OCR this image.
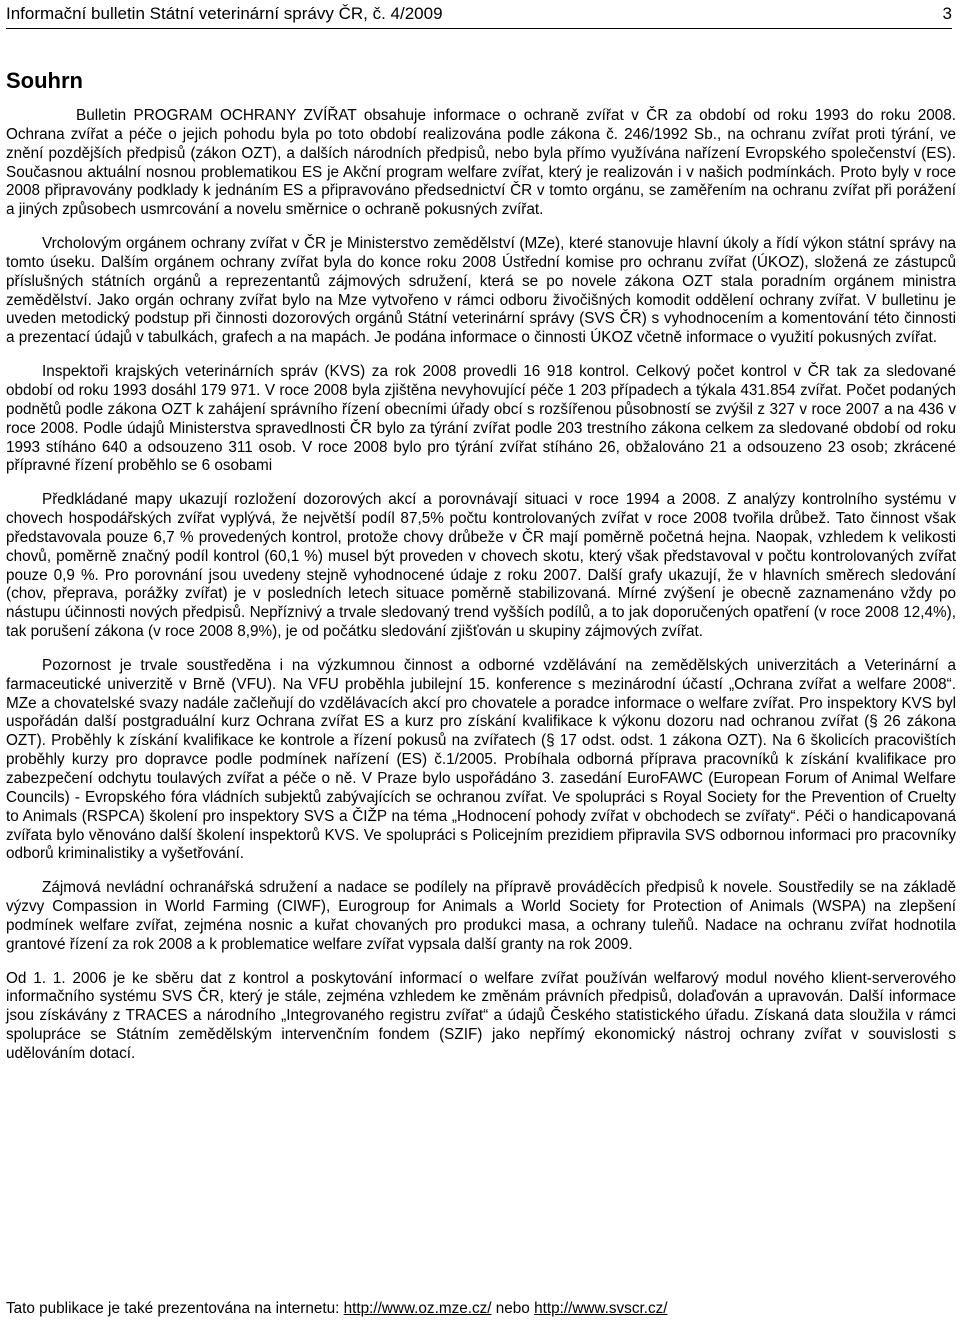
Informační bulletin Státní veterinární správy ČR, č. 4/2009	3
Souhrn

Bulletin PROGRAM OCHRANY ZVÍŘAT obsahuje informace o ochraně zvířat v ČR za období od roku 1993 do roku 2008. Ochrana zvířat a péče o jejich pohodu byla po toto období realizována podle zákona č. 246/1992 Sb., na ochranu zvířat proti týrání, ve znění pozdějších předpisů (zákon OZT), a dalších národních předpisů, nebo byla přímo využívána nařízení Evropského společenství (ES). Současnou aktuální nosnou problematikou ES je Akční program welfare zvířat, který je realizován i v našich podmínkách. Proto byly v roce 2008 připravovány podklady k jednáním ES a připravováno předsednictví ČR v tomto orgánu, se zaměřením na ochranu zvířat při porážení a jiných způsobech usmrcování a novelu směrnice o ochraně pokusných zvířat.

Vrcholovým orgánem ochrany zvířat v ČR je Ministerstvo zemědělství (MZe), které stanovuje hlavní úkoly a řídí výkon státní správy na tomto úseku. Dalším orgánem ochrany zvířat byla do konce roku 2008 Ústřední komise pro ochranu zvířat (ÚKOZ), složená ze zástupců příslušných státních orgánů a reprezentantů zájmových sdružení, která se po novele zákona OZT stala poradním orgánem ministra zemědělství. Jako orgán ochrany zvířat bylo na Mze vytvořeno v rámci odboru živočišných komodit oddělení ochrany zvířat. V bulletinu je uveden metodický podstup při činnosti dozorových orgánů Státní veterinární správy (SVS ČR) s vyhodnocením a komentování této činnosti a prezentací údajů v tabulkách, grafech a na mapách. Je podána informace o činnosti ÚKOZ včetně informace o využití pokusných zvířat.

Inspektoři krajských veterinárních správ (KVS) za rok 2008 provedli 16 918 kontrol. Celkový počet kontrol v ČR tak za sledované období od roku 1993 dosáhl 179 971. V roce 2008 byla zjištěna nevyhovující péče 1 203 případech a týkala 431.854 zvířat. Počet podaných podnětů podle zákona OZT k zahájení správního řízení obecními úřady obcí s rozšířenou působností se zvýšil z 327 v roce 2007 a na 436 v roce 2008. Podle údajů Ministerstva spravedlnosti ČR bylo za týrání zvířat podle 203 trestního zákona celkem za sledované období od roku 1993 stíháno 640 a odsouzeno 311 osob. V roce 2008 bylo pro týrání zvířat stíháno 26, obžalováno 21 a odsouzeno 23 osob; zkrácené přípravné řízení proběhlo se 6 osobami

Předkládané mapy ukazují rozložení dozorových akcí a porovnávají situaci v roce 1994 a 2008. Z analýzy kontrolního systému v chovech hospodářských zvířat vyplývá, že největší podíl 87,5% počtu kontrolovaných zvířat v roce 2008 tvořila drůbež. Tato činnost však představovala pouze 6,7 % provedených kontrol, protože chovy drůbeže v ČR mají poměrně početná hejna. Naopak, vzhledem k velikosti chovů, poměrně značný podíl kontrol (60,1 %) musel být proveden v chovech skotu, který však představoval v počtu kontrolovaných zvířat pouze 0,9 %. Pro porovnání jsou uvedeny stejně vyhodnocené údaje z roku 2007. Další grafy ukazují, že v hlavních směrech sledování (chov, přeprava, porážky zvířat) je v posledních letech situace poměrně stabilizovaná. Mírné zvýšení je obecně zaznamenáno vždy po nástupu účinnosti nových předpisů. Nepříznivý a trvale sledovaný trend vyšších podílů, a to jak doporučených opatření (v roce 2008 12,4%), tak porušení zákona (v roce 2008 8,9%), je od počátku sledování zjišťován u skupiny zájmových zvířat.

Pozornost je trvale soustředěna i na výzkumnou činnost a odborné vzdělávání na zemědělských univerzitách a Veterinární a farmaceutické univerzitě v Brně (VFU). Na VFU proběhla jubilejní 15. konference s mezinárodní účastí „Ochrana zvířat a welfare 2008“. MZe a chovatelské svazy nadále začleňují do vzdělávacích akcí pro chovatele a poradce informace o welfare zvířat. Pro inspektory KVS byl uspořádán další postgraduální kurz Ochrana zvířat ES a kurz pro získání kvalifikace k výkonu dozoru nad ochranou zvířat (§ 26 zákona OZT). Proběhly k získání kvalifikace ke kontrole a řízení pokusů na zvířatech (§ 17 odst. odst. 1 zákona OZT). Na 6 školicích pracovištích proběhly kurzy pro dopravce podle podmínek nařízení (ES) č.1/2005. Probíhala odborná příprava pracovníků k získání kvalifikace pro zabezpečení odchytu toulavých zvířat a péče o ně. V Praze bylo uspořádáno 3. zasedání EuroFAWC (European Forum of Animal Welfare Councils) - Evropského fóra vládních subjektů zabývajících se ochranou zvířat. Ve spolupráci s Royal Society for the Prevention of Cruelty to Animals (RSPCA) školení pro inspektory SVS a ČIŽP na téma „Hodnocení pohody zvířat v obchodech se zvířaty“. Péči o handicapovaná zvířata bylo věnováno další školení inspektorů KVS. Ve spolupráci s Policejním prezidiem připravila SVS odbornou informaci pro pracovníky odborů kriminalistiky a vyšetřování.

Zájmová nevládní ochranářská sdružení a nadace se podílely na přípravě prováděcích předpisů k novele. Soustředily se na základě výzvy Compassion in World Farming (CIWF), Eurogroup for Animals a World Society for Protection of Animals (WSPA) na zlepšení podmínek welfare zvířat, zejména nosnic a kuřat chovaných pro produkci masa, a ochrany tuleňů. Nadace na ochranu zvířat hodnotila grantové řízení za rok 2008 a k problematice welfare zvířat vypsala další granty na rok 2009.

Od 1. 1. 2006 je ke sběru dat z kontrol a poskytování informací o welfare zvířat používán welfarový modul nového klient-serverového informačního systému SVS ČR, který je stále, zejména vzhledem ke změnám právních předpisů, dolaďován a upravován. Další informace jsou získávány z TRACES a národního „Integrovaného registru zvířat“ a údajů Českého statistického úřadu. Získaná data sloužila v rámci spolupráce se Státním zemědělským intervenčním fondem (SZIF) jako nepřímý ekonomický nástroj ochrany zvířat v souvislosti s udělováním dotací.

Tato publikace je také prezentována na internetu: http://www.oz.mze.cz/ nebo http://www.svscr.cz/
